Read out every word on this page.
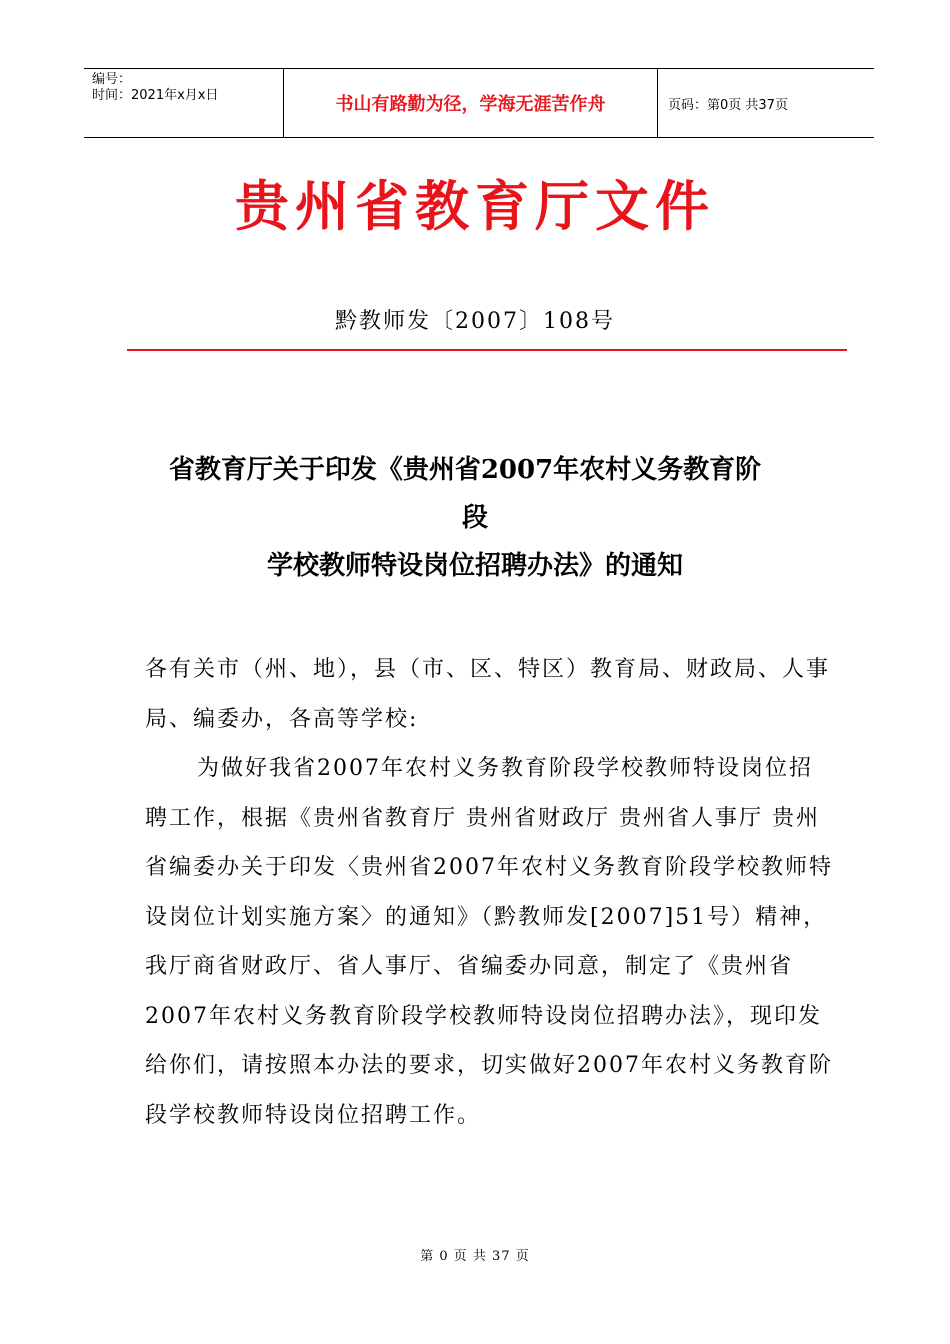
编号：
时间：2021年x月x日	书山有路勤为径，学海无涯苦作舟	页码：第0页 共37页
贵州省教育厅文件
黔教师发〔2007〕108号
省教育厅关于印发《贵州省2007年农村义务教育阶
段
学校教师特设岗位招聘办法》的通知

各有关市（州、地），县（市、区、特区）教育局、财政局、人事局、编委办，各高等学校:

为做好我省2007年农村义务教育阶段学校教师特设岗位招聘工作，根据《贵州省教育厅 贵州省财政厅 贵州省人事厅 贵州省编委办关于印发〈贵州省2007年农村义务教育阶段学校教师特设岗位计划实施方案〉的通知》（黔教师发[2007]51号）精神，我厅商省财政厅、省人事厅、省编委办同意，制定了《贵州省2007年农村义务教育阶段学校教师特设岗位招聘办法》，现印发给你们，请按照本办法的要求，切实做好2007年农村义务教育阶段学校教师特设岗位招聘工作。

第 0 页 共 37 页
